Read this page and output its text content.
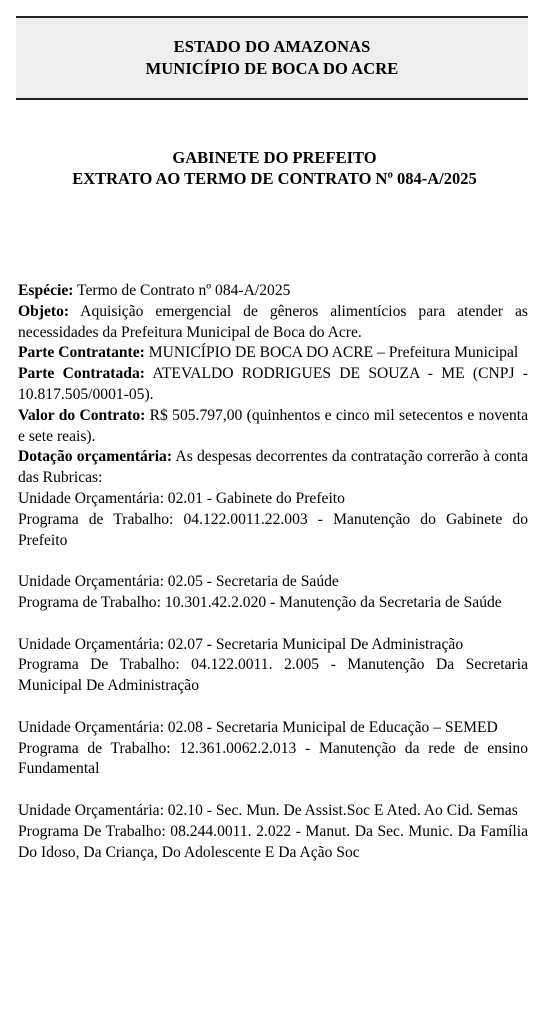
ESTADO DO AMAZONAS
MUNICÍPIO DE BOCA DO ACRE
GABINETE DO PREFEITO
EXTRATO AO TERMO DE CONTRATO Nº 084-A/2025

Espécie: Termo de Contrato nº 084-A/2025

Objeto: Aquisição emergencial de gêneros alimentícios para atender as necessidades da Prefeitura Municipal de Boca do Acre.

Parte Contratante: MUNICÍPIO DE BOCA DO ACRE – Prefeitura Municipal

Parte Contratada: ATEVALDO RODRIGUES DE SOUZA - ME (CNPJ - 10.817.505/0001-05).

Valor do Contrato: R$ 505.797,00 (quinhentos e cinco mil setecentos e noventa e sete reais).

Dotação orçamentária: As despesas decorrentes da contratação correrão à conta das Rubricas:

Unidade Orçamentária: 02.01 - Gabinete do Prefeito

Programa de Trabalho: 04.122.0011.22.003 - Manutenção do Gabinete do Prefeito

Unidade Orçamentária: 02.05 - Secretaria de Saúde

Programa de Trabalho: 10.301.42.2.020 - Manutenção da Secretaria de Saúde

Unidade Orçamentária: 02.07 - Secretaria Municipal De Administração

Programa De Trabalho: 04.122.0011. 2.005 - Manutenção Da Secretaria Municipal De Administração

Unidade Orçamentária: 02.08 - Secretaria Municipal de Educação – SEMED

Programa de Trabalho: 12.361.0062.2.013 - Manutenção da rede de ensino Fundamental

Unidade Orçamentária: 02.10 - Sec. Mun. De Assist.Soc E Ated. Ao Cid. Semas

Programa De Trabalho: 08.244.0011. 2.022 - Manut. Da Sec. Munic. Da Família Do Idoso, Da Criança, Do Adolescente E Da Ação Soc
